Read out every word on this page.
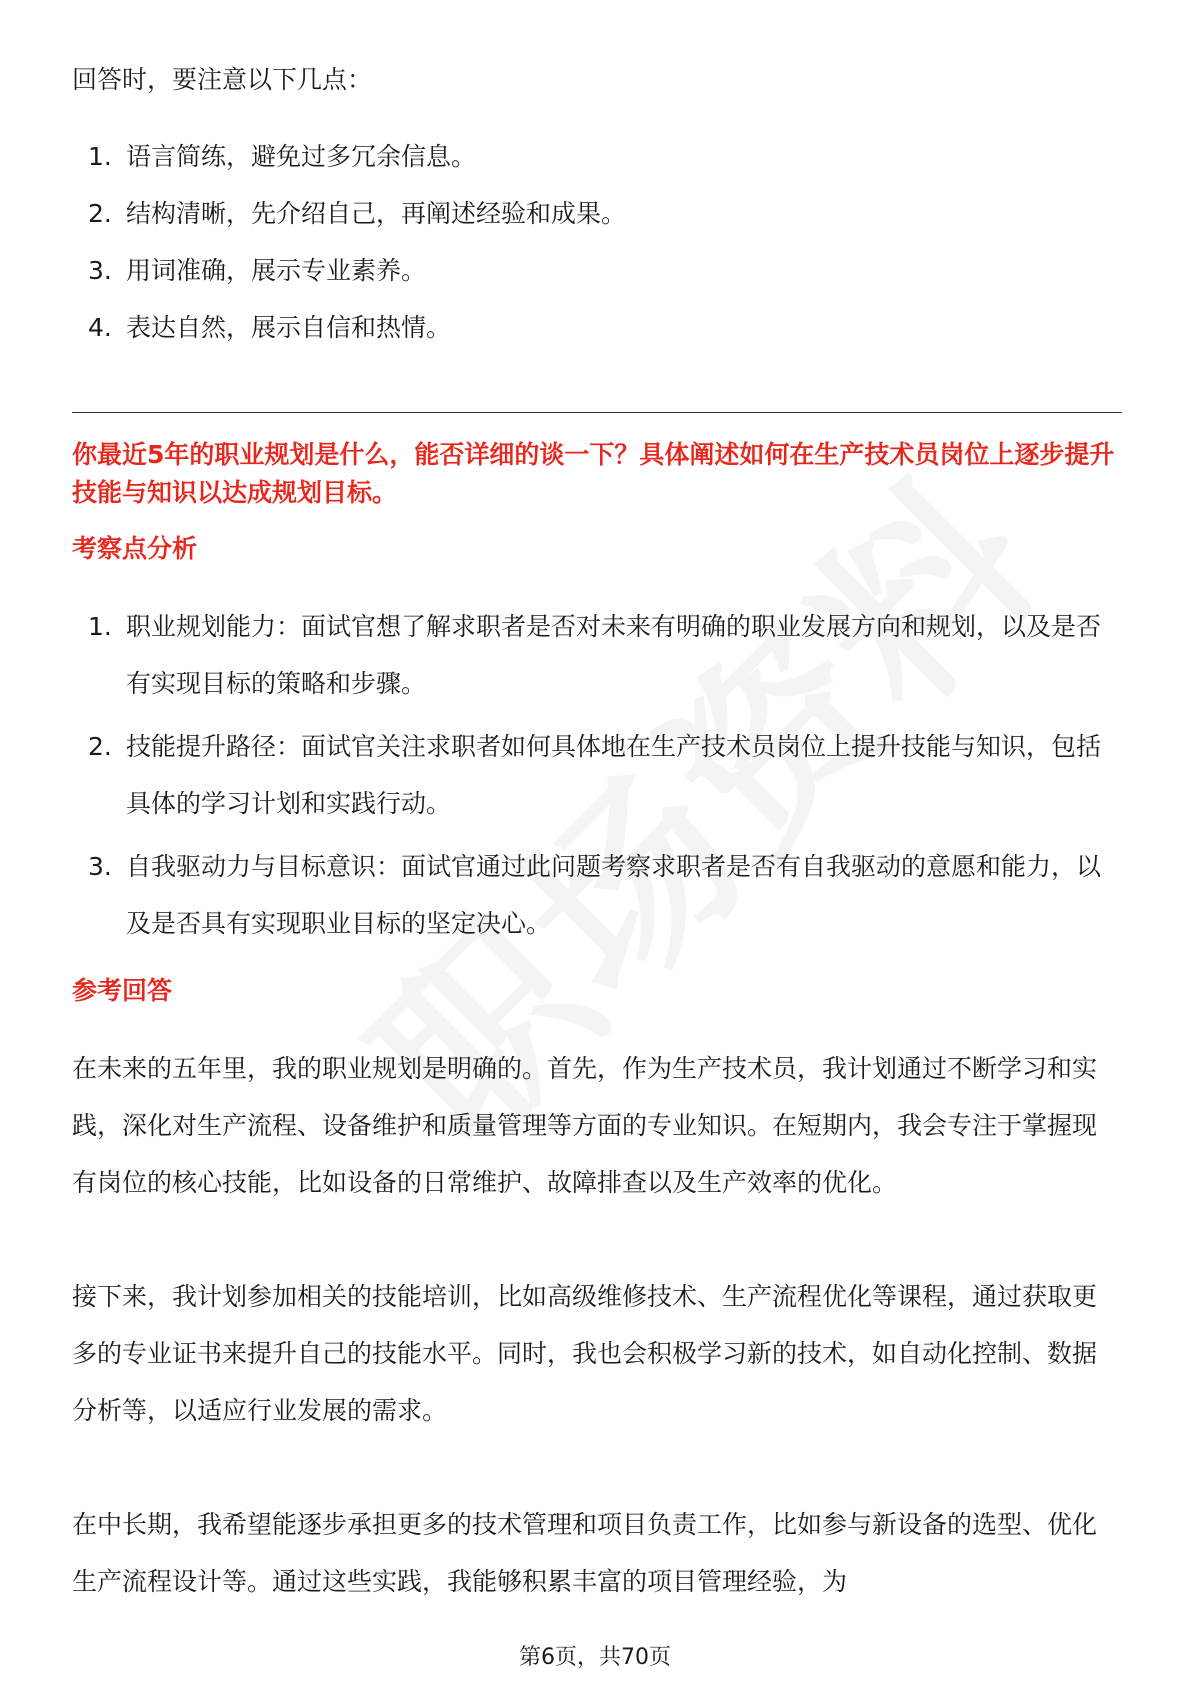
回答时，要注意以下几点：

1. 语言简练，避免过多冗余信息。
2. 结构清晰，先介绍自己，再阐述经验和成果。
3. 用词准确，展示专业素养。
4. 表达自然，展示自信和热情。

你最近5年的职业规划是什么，能否详细的谈一下？具体阐述如何在生产技术员岗位上逐步提升技能与知识以达成规划目标。

考察点分析

1. 职业规划能力：面试官想了解求职者是否对未来有明确的职业发展方向和规划，以及是否有实现目标的策略和步骤。
2. 技能提升路径：面试官关注求职者如何具体地在生产技术员岗位上提升技能与知识，包括具体的学习计划和实践行动。
3. 自我驱动力与目标意识：面试官通过此问题考察求职者是否有自我驱动的意愿和能力，以及是否具有实现职业目标的坚定决心。

参考回答

在未来的五年里，我的职业规划是明确的。首先，作为生产技术员，我计划通过不断学习和实践，深化对生产流程、设备维护和质量管理等方面的专业知识。在短期内，我会专注于掌握现有岗位的核心技能，比如设备的日常维护、故障排查以及生产效率的优化。

接下来，我计划参加相关的技能培训，比如高级维修技术、生产流程优化等课程，通过获取更多的专业证书来提升自己的技能水平。同时，我也会积极学习新的技术，如自动化控制、数据分析等，以适应行业发展的需求。

在中长期，我希望能逐步承担更多的技术管理和项目负责工作，比如参与新设备的选型、优化生产流程设计等。通过这些实践，我能够积累丰富的项目管理经验，为

第6页，共70页
